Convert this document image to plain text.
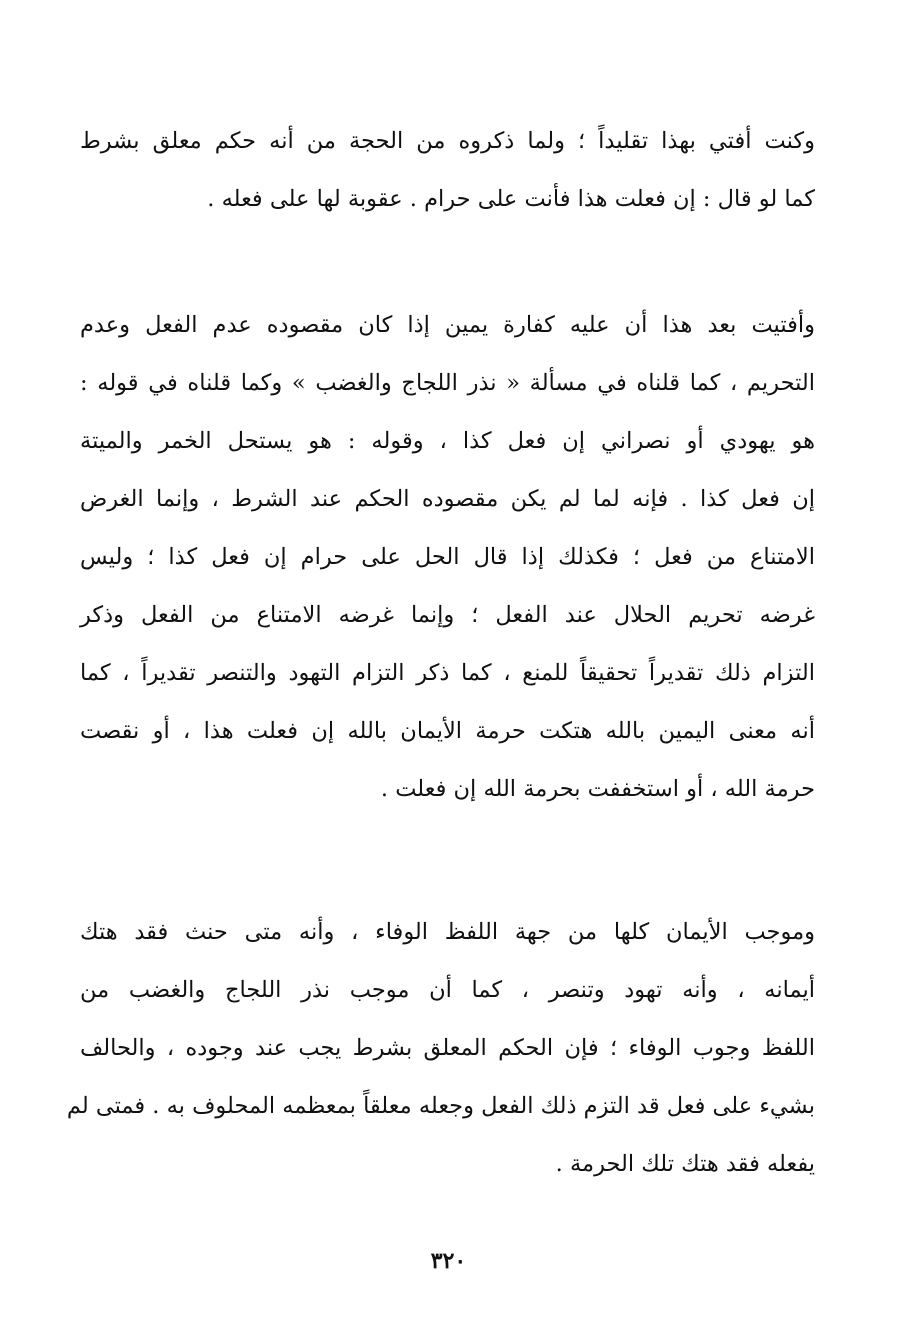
وكنت أفتي بهذا تقليداً ؛ ولما ذكروه من الحجة من أنه حكم معلق بشرط
كما لو قال : إن فعلت هذا فأنت على حرام . عقوبة لها على فعله .
وأفتيت بعد هذا أن عليه كفارة يمين إذا كان مقصوده عدم الفعل وعدم
التحريم ، كما قلناه في مسألة « نذر اللجاج والغضب » وكما قلناه في قوله :
هو يهودي أو نصراني إن فعل كذا ، وقوله : هو يستحل الخمر والميتة
إن فعل كذا . فإنه لما لم يكن مقصوده الحكم عند الشرط ، وإنما الغرض
الامتناع من فعل ؛ فكذلك إذا قال الحل على حرام إن فعل كذا ؛ وليس
غرضه تحريم الحلال عند الفعل ؛ وإنما غرضه الامتناع من الفعل وذكر
التزام ذلك تقديراً تحقيقاً للمنع ، كما ذكر التزام التهود والتنصر تقديراً ، كما
أنه معنى اليمين بالله هتكت حرمة الأيمان بالله إن فعلت هذا ، أو نقصت
حرمة الله ، أو استخففت بحرمة الله إن فعلت .
وموجب الأيمان كلها من جهة اللفظ الوفاء ، وأنه متى حنث فقد هتك
أيمانه ، وأنه تهود وتنصر ، كما أن موجب نذر اللجاج والغضب من
اللفظ وجوب الوفاء ؛ فإن الحكم المعلق بشرط يجب عند وجوده ، والحالف
بشيء على فعل قد التزم ذلك الفعل وجعله معلقاً بمعظمه المحلوف به . فمتى لم
يفعله فقد هتك تلك الحرمة .
٣٢٠
